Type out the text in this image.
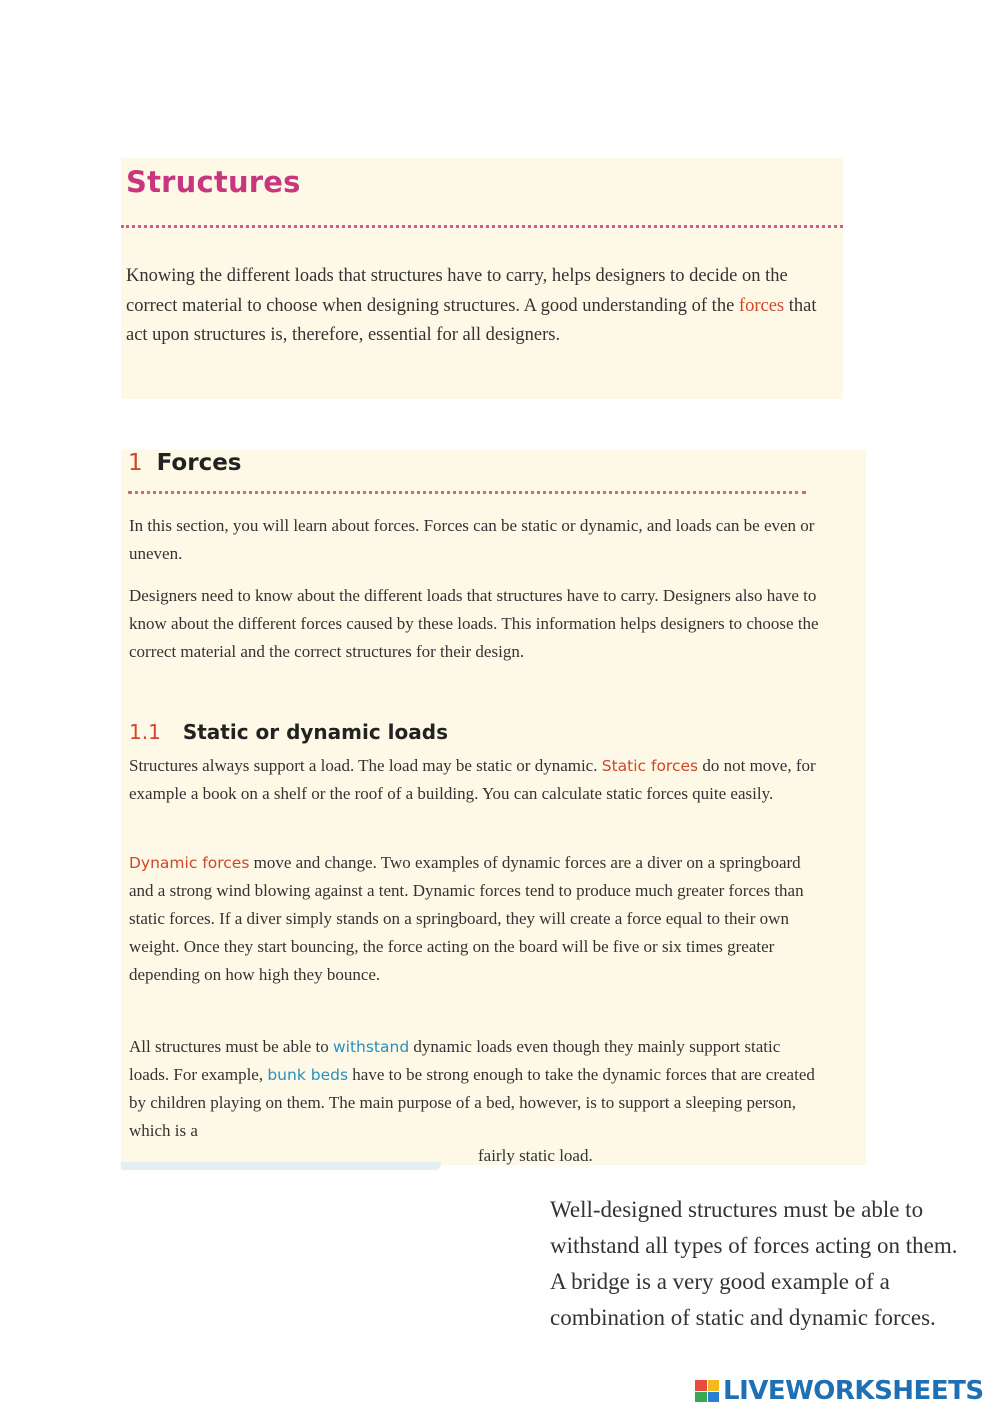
Structures

Knowing the different loads that structures have to carry, helps designers to decide on the correct material to choose when designing structures. A good understanding of the forces that act upon structures is, therefore, essential for all designers.

1 Forces

In this section, you will learn about forces. Forces can be static or dynamic, and loads can be even or uneven.

Designers need to know about the different loads that structures have to carry. Designers also have to know about the different forces caused by these loads. This information helps designers to choose the correct material and the correct structures for their design.

1.1 Static or dynamic loads

Structures always support a load. The load may be static or dynamic. Static forces do not move, for example a book on a shelf or the roof of a building. You can calculate static forces quite easily.

Dynamic forces move and change. Two examples of dynamic forces are a diver on a springboard and a strong wind blowing against a tent. Dynamic forces tend to produce much greater forces than static forces. If a diver simply stands on a springboard, they will create a force equal to their own weight. Once they start bouncing, the force acting on the board will be five or six times greater depending on how high they bounce.

All structures must be able to withstand dynamic loads even though they mainly support static loads. For example, bunk beds have to be strong enough to take the dynamic forces that are created by children playing on them. The main purpose of a bed, however, is to support a sleeping person, which is a

fairly static load.

Well-designed structures must be able to withstand all types of forces acting on them. A bridge is a very good example of a combination of static and dynamic forces.

LIVEWORKSHEETS
